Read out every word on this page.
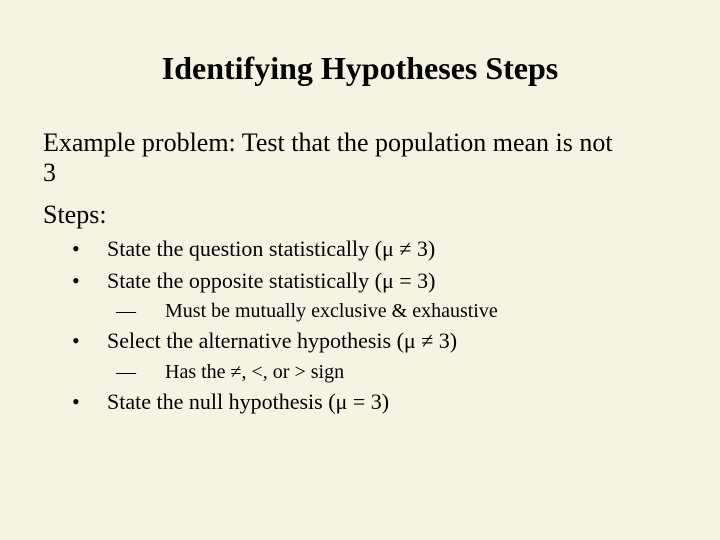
Identifying Hypotheses Steps

Example problem: Test that the population mean is not

3

Steps:
• State the question statistically (μ ≠ 3)
• State the opposite statistically (μ = 3)
— Must be mutually exclusive & exhaustive
• Select the alternative hypothesis (μ ≠ 3)
— Has the ≠, <, or > sign
• State the null hypothesis (μ = 3)
